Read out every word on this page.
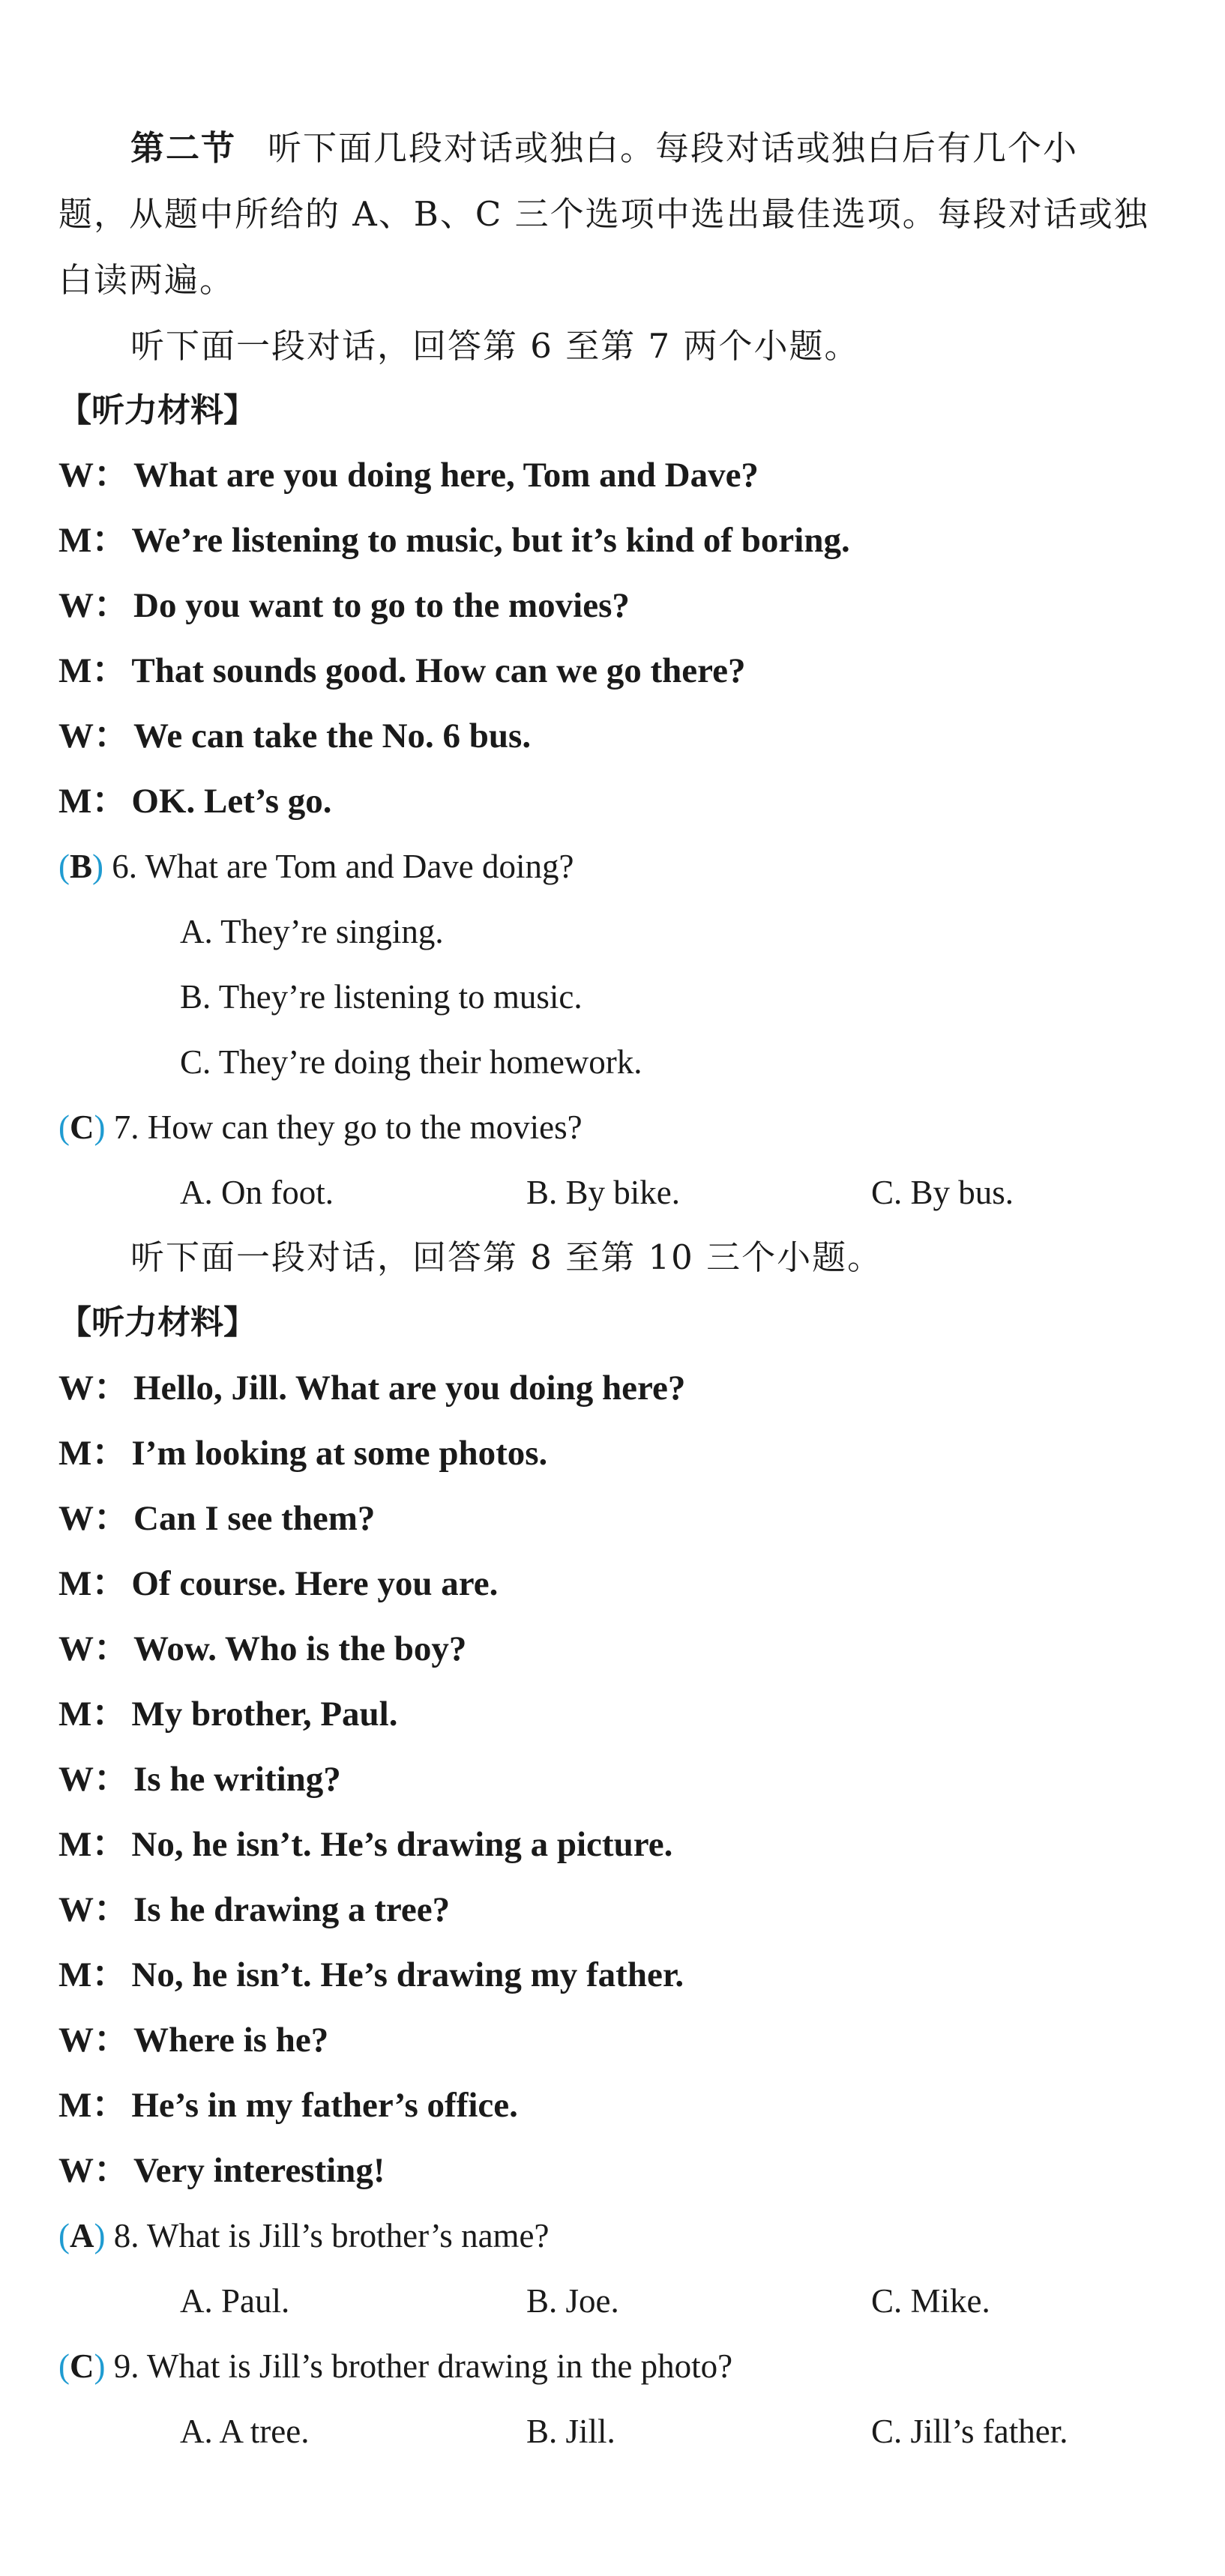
第二节 听下面几段对话或独白。每段对话或独白后有几个小
题，从题中所给的 A、B、C 三个选项中选出最佳选项。每段对话或独
白读两遍。
听下面一段对话，回答第 6 至第 7 两个小题。
【听力材料】
W： What are you doing here, Tom and Dave?
M： We’re listening to music, but it’s kind of boring.
W： Do you want to go to the movies?
M： That sounds good. How can we go there?
W： We can take the No. 6 bus.
M： OK. Let’s go.
(B) 6. What are Tom and Dave doing?
A. They’re singing.
B. They’re listening to music.
C. They’re doing their homework.
(C) 7. How can they go to the movies?
A. On foot.	B. By bike.	C. By bus.
听下面一段对话，回答第 8 至第 10 三个小题。
【听力材料】
W： Hello, Jill. What are you doing here?
M： I’m looking at some photos.
W： Can I see them?
M： Of course. Here you are.
W： Wow. Who is the boy?
M： My brother, Paul.
W： Is he writing?
M： No, he isn’t. He’s drawing a picture.
W： Is he drawing a tree?
M： No, he isn’t. He’s drawing my father.
W： Where is he?
M： He’s in my father’s office.
W： Very interesting!
(A) 8. What is Jill’s brother’s name?
A. Paul.	B. Joe.	C. Mike.
(C) 9. What is Jill’s brother drawing in the photo?
A. A tree.	B. Jill.	C. Jill’s father.
